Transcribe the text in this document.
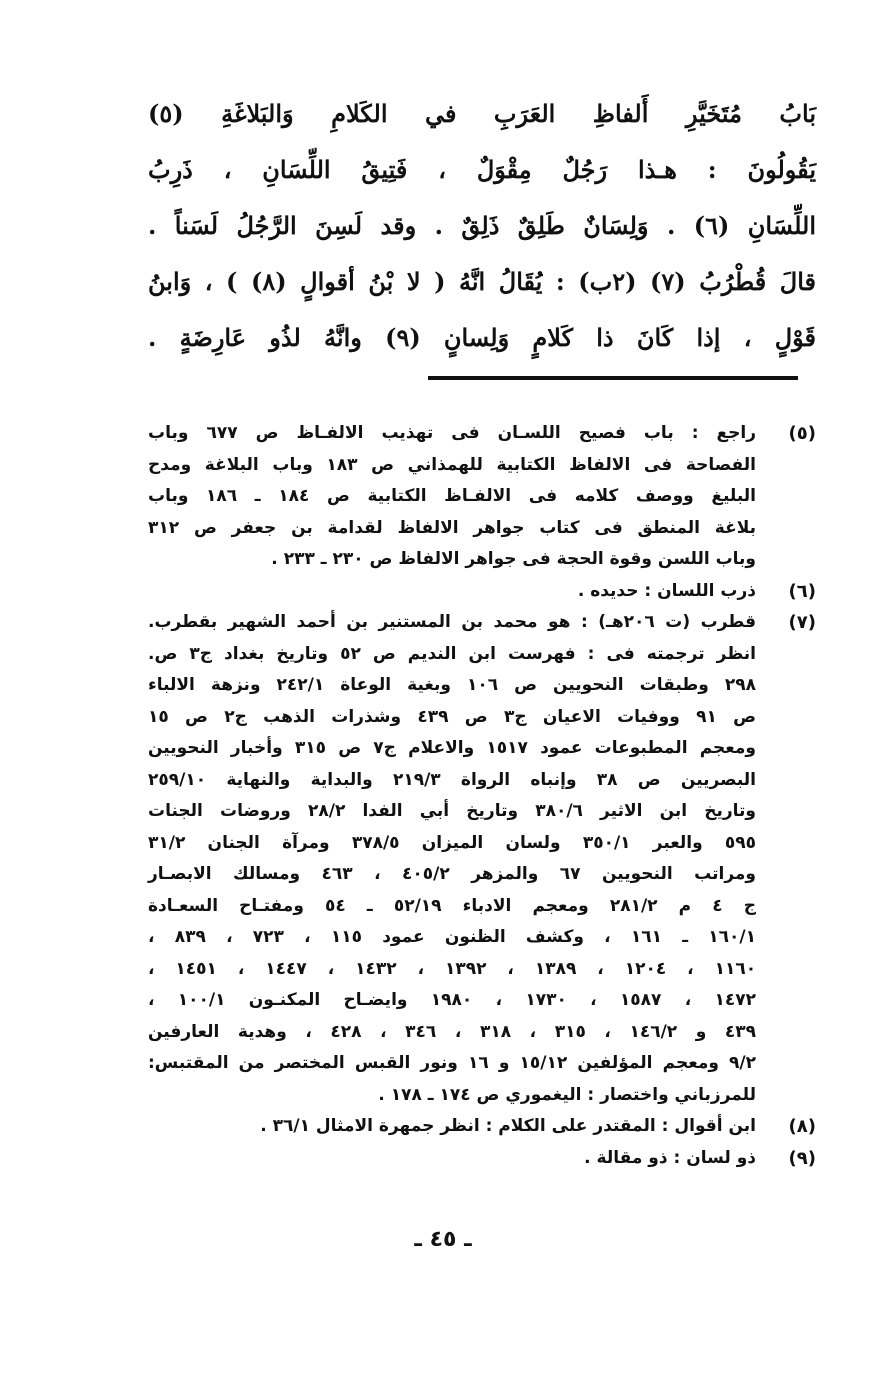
بَابُ مُتَخَيَّرِ أَلفاظِ العَرَبِ في الكَلامِ وَالبَلاغَةِ (٥)
يَقُولُونَ : هـذا رَجُلٌ مِقْوَلٌ ، فَتِيقُ اللِّسَانِ ، ذَرِبُ
اللِّسَانِ (٦) . وَلِسَانٌ طَلِقٌ ذَلِقٌ . وقد لَسِنَ الرَّجُلُ لَسَناً .
قالَ قُطْرُبُ (٧) (٢ب) : يُقَالُ انَّهُ ( لا بْنُ أقوالٍ (٨) ) ، وَابنُ
قَوْلٍ ، إذا كَانَ ذا كَلامٍ وَلِسانٍ (٩) وانَّهُ لذُو عَارِضَةٍ .
(٥)
راجع : باب فصيح اللسـان فى تهذيب الالفـاظ ص ٦٧٧ وباب
الفصاحة فى الالفاظ الكتابية للهمذاني ص ١٨٣ وباب البلاغة ومدح
البليغ ووصف كلامه فى الالفـاظ الكتابية ص ١٨٤ ـ ١٨٦ وباب
بلاغة المنطق فى كتاب جواهر الالفاظ لقدامة بن جعفر ص ٣١٢
وباب اللسن وقوة الحجة فى جواهر الالفاظ ص ٢٣٠ ـ ٢٣٣ .
(٦)
ذرب اللسان : حديده .
(٧)
قطرب (ت ٢٠٦هـ) : هو محمد بن المستنير بن أحمد الشهير بقطرب.
انظر ترجمته فى : فهرست ابن النديم ص ٥٢ وتاريخ بغداد ج٣ ص.
٢٩٨ وطبقات النحويين ص ١٠٦ وبغية الوعاة ٢٤٢/١ ونزهة الالباء
ص ٩١ ووفيات الاعيان ج٣ ص ٤٣٩ وشذرات الذهب ج٢ ص ١٥
ومعجم المطبوعات عمود ١٥١٧ والاعلام ج٧ ص ٣١٥ وأخبار النحويين
البصريين ص ٣٨ وإنباه الرواة ٢١٩/٣ والبداية والنهاية ٢٥٩/١٠
وتاريخ ابن الاثير ٣٨٠/٦ وتاريخ أبي الفدا ٢٨/٢ وروضات الجنات
٥٩٥ والعبر ٣٥٠/١ ولسان الميزان ٣٧٨/٥ ومرآة الجنان ٣١/٢
ومراتب النحويين ٦٧ والمزهر ٤٠٥/٢ ، ٤٦٣ ومسالك الابصـار
ج ٤ م ٢٨١/٢ ومعجم الادباء ٥٢/١٩ ـ ٥٤ ومفتـاح السعـادة
١٦٠/١ ـ ١٦١ ، وكشف الظنون عمود ١١٥ ، ٧٢٣ ، ٨٣٩ ،
١١٦٠ ، ١٢٠٤ ، ١٣٨٩ ، ١٣٩٢ ، ١٤٣٢ ، ١٤٤٧ ، ١٤٥١ ،
١٤٧٢ ، ١٥٨٧ ، ١٧٣٠ ، ١٩٨٠ وايضـاح المكنـون ١٠٠/١ ،
٤٣٩ و ١٤٦/٢ ، ٣١٥ ، ٣١٨ ، ٣٤٦ ، ٤٢٨ ، وهدية العارفين
٩/٢ ومعجم المؤلفين ١٥/١٢ و ١٦ ونور القبس المختصر من المقتبس:
للمرزباني واختصار : اليغموري ص ١٧٤ ـ ١٧٨ .
(٨)
ابن أقوال : المقتدر على الكلام : انظر جمهرة الامثال ٣٦/١ .
(٩)
ذو لسان : ذو مقالة .
ـ ٤٥ ـ
